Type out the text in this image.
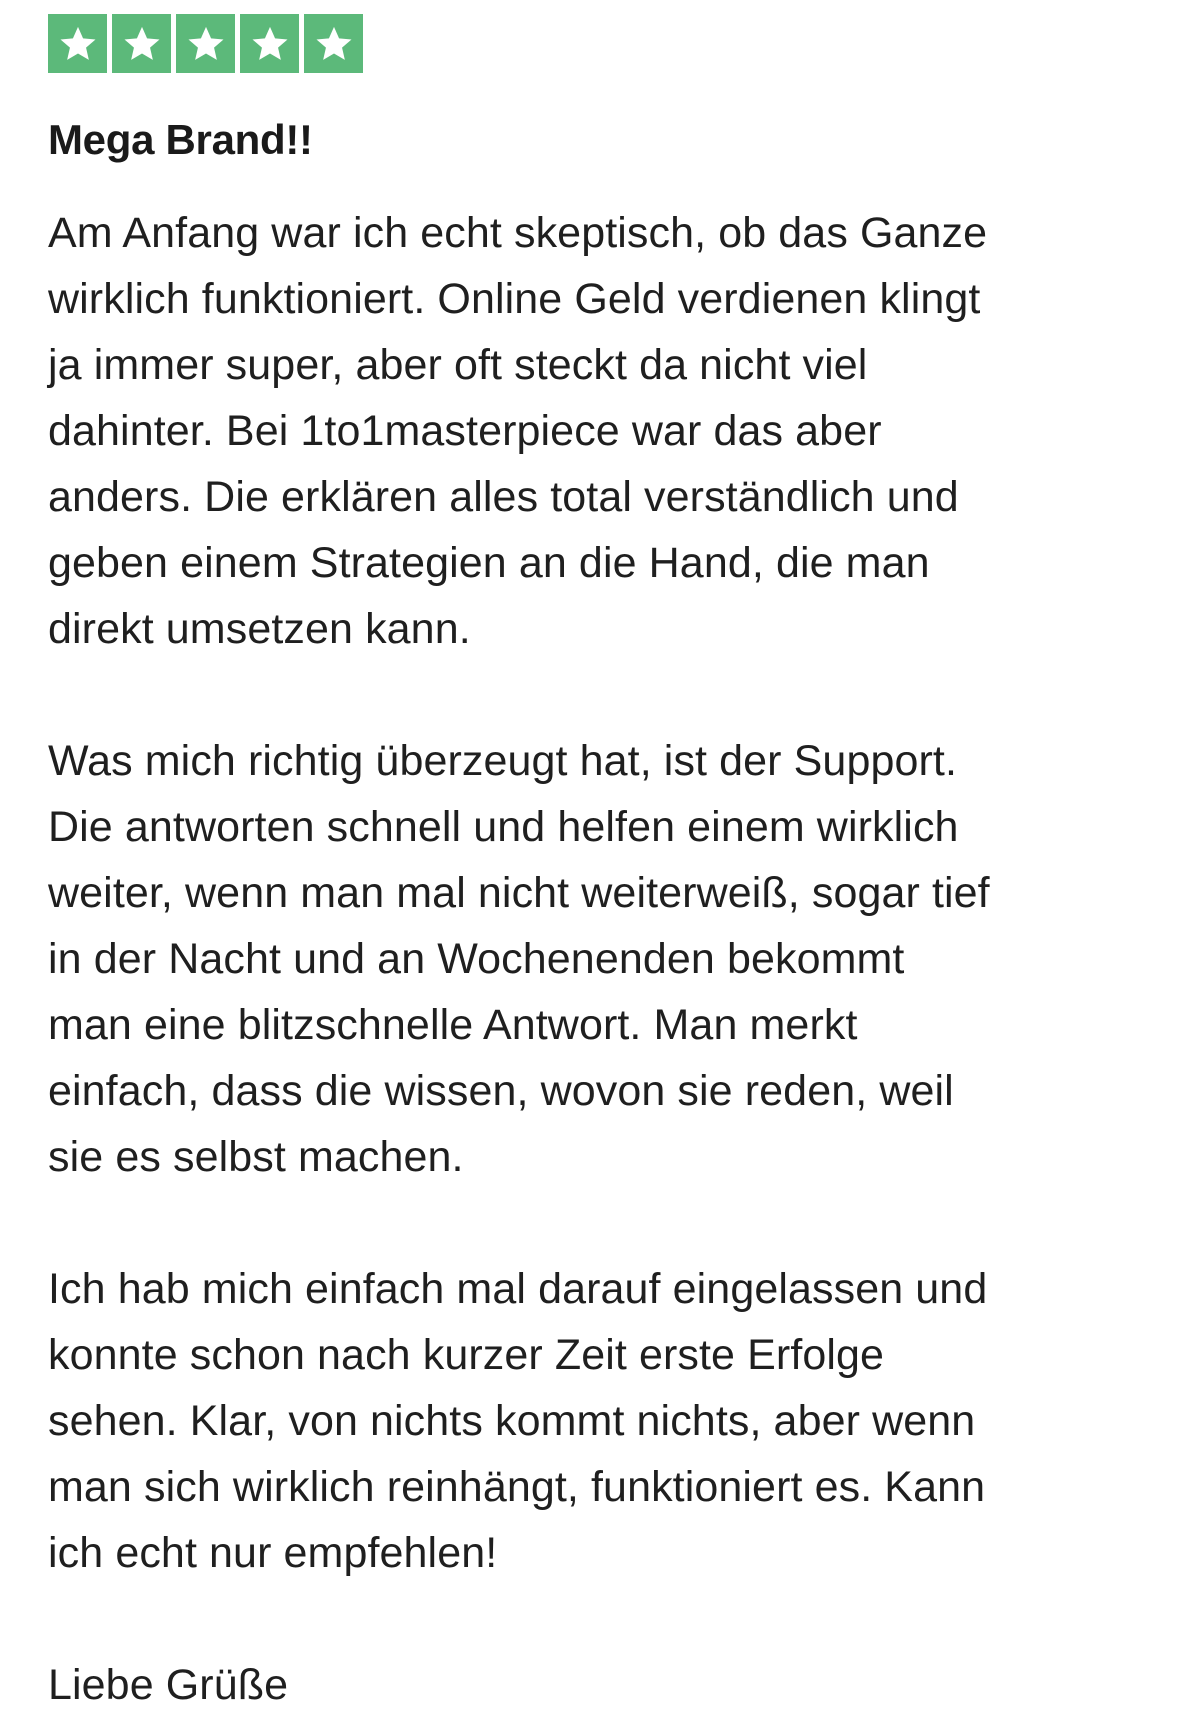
Mega Brand!!

Am Anfang war ich echt skeptisch, ob das Ganze
wirklich funktioniert. Online Geld verdienen klingt
ja immer super, aber oft steckt da nicht viel
dahinter. Bei 1to1masterpiece war das aber
anders. Die erklären alles total verständlich und
geben einem Strategien an die Hand, die man
direkt umsetzen kann.

Was mich richtig überzeugt hat, ist der Support.
Die antworten schnell und helfen einem wirklich
weiter, wenn man mal nicht weiterweiß, sogar tief
in der Nacht und an Wochenenden bekommt
man eine blitzschnelle Antwort. Man merkt
einfach, dass die wissen, wovon sie reden, weil
sie es selbst machen.

Ich hab mich einfach mal darauf eingelassen und
konnte schon nach kurzer Zeit erste Erfolge
sehen. Klar, von nichts kommt nichts, aber wenn
man sich wirklich reinhängt, funktioniert es. Kann
ich echt nur empfehlen!

Liebe Grüße
